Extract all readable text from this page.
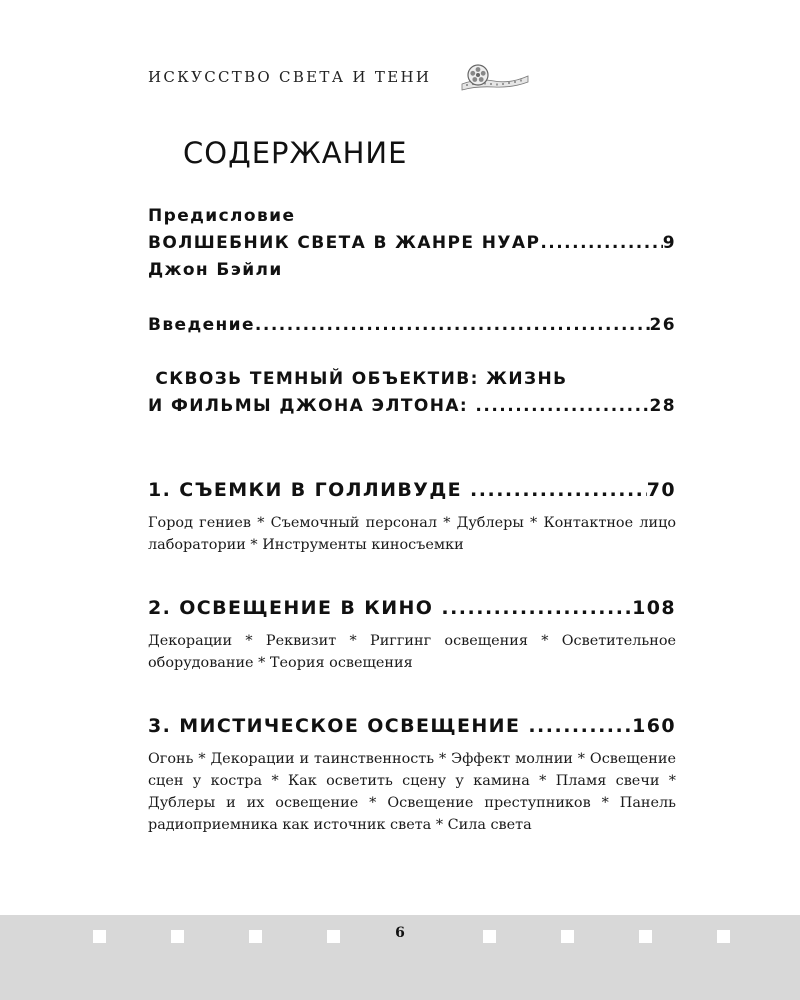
ИСКУССТВО СВЕТА И ТЕНИ
СОДЕРЖАНИЕ
Предисловие
ВОЛШЕБНИК СВЕТА В ЖАНРЕ НУАР .....	9
Джон Бэйли
Введение .....	26
СКВОЗЬ ТЕМНЫЙ ОБЪЕКТИВ: ЖИЗНЬ
И ФИЛЬМЫ ДЖОНА ЭЛТОНА: .....	28
1. СЪЕМКИ В ГОЛЛИВУДЕ .....	70

Город гениев * Съемочный персонал * Дублеры * Контактное лицо лаборатории * Инструменты киносъемки

2. ОСВЕЩЕНИЕ В КИНО .....	108

Декорации * Реквизит * Риггинг освещения * Осветительное оборудование * Теория освещения

3. МИСТИЧЕСКОЕ ОСВЕЩЕНИЕ .....	160

Огонь * Декорации и таинственность * Эффект молнии * Освещение сцен у костра * Как осветить сцену у камина * Пламя свечи * Дублеры и их освещение * Освещение преступников * Панель радиоприемника как источник света * Сила света

6
